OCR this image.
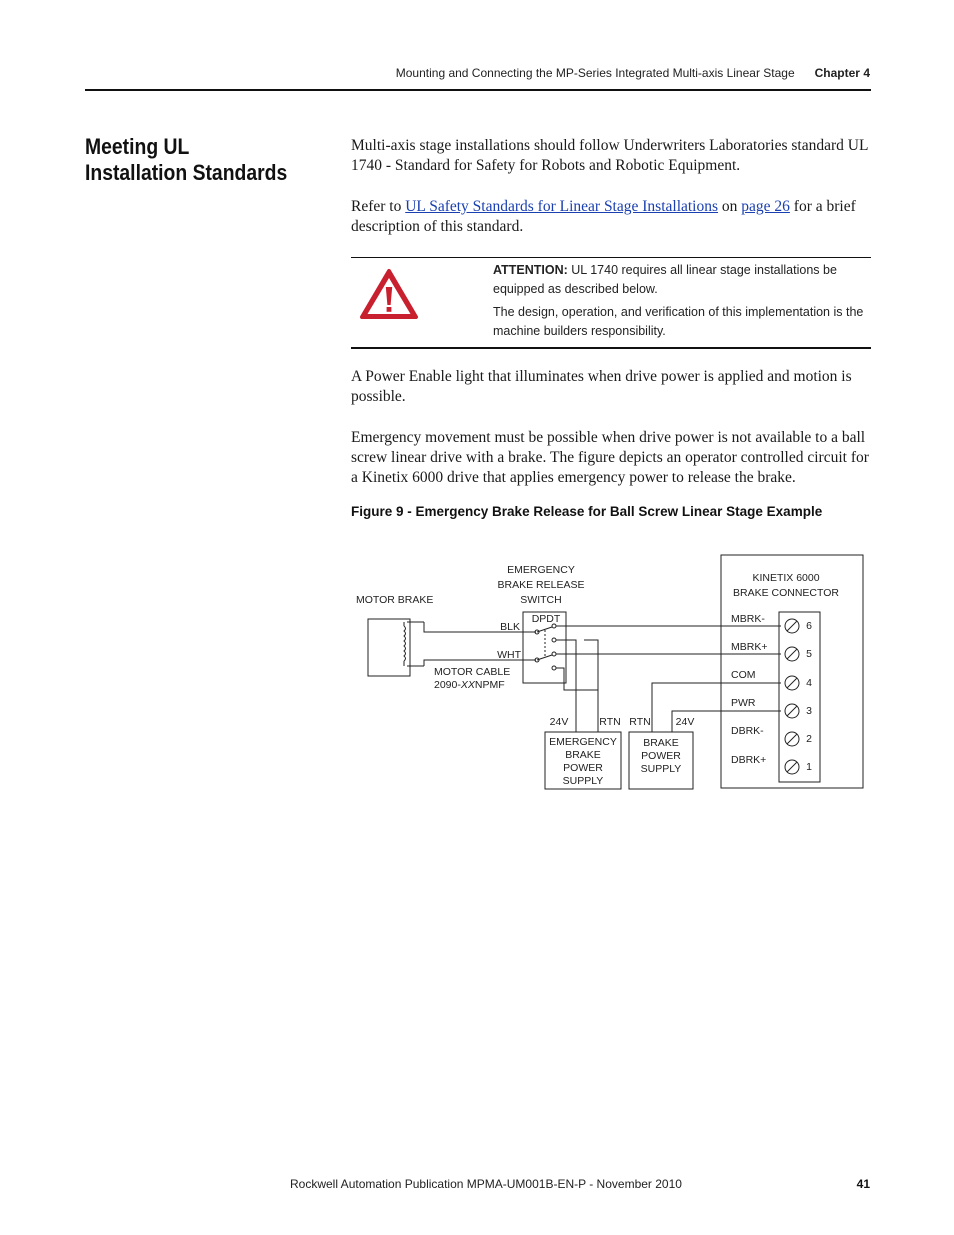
Mounting and Connecting the MP-Series Integrated Multi-axis Linear Stage Chapter 4
Meeting UL Installation Standards

Multi-axis stage installations should follow Underwriters Laboratories standard UL 1740 - Standard for Safety for Robots and Robotic Equipment.

Refer to UL Safety Standards for Linear Stage Installations on page 26 for a brief description of this standard.

ATTENTION: UL 1740 requires all linear stage installations be equipped as described below.

The design, operation, and verification of this implementation is the machine builders responsibility.

A Power Enable light that illuminates when drive power is applied and motion is possible.

Emergency movement must be possible when drive power is not available to a ball screw linear drive with a brake. The figure depicts an operator controlled circuit for a Kinetix 6000 drive that applies emergency power to release the brake.

Figure 9 - Emergency Brake Release for Ball Screw Linear Stage Example
MOTOR BRAKE
EMERGENCY
BRAKE RELEASE
SWITCH
DPDT
BLK
WHT
MOTOR CABLE
2090-XXNPMF
24V	RTN
EMERGENCY
BRAKE
POWER
SUPPLY
RTN 24V
BRAKE
POWER
SUPPLY
KINETIX 6000
BRAKE CONNECTOR
MBRK-
MBRK+
COM
PWR
DBRK-
DBRK+
6
5
4
3
2
1
Rockwell Automation Publication MPMA-UM001B-EN-P - November 2010	41
